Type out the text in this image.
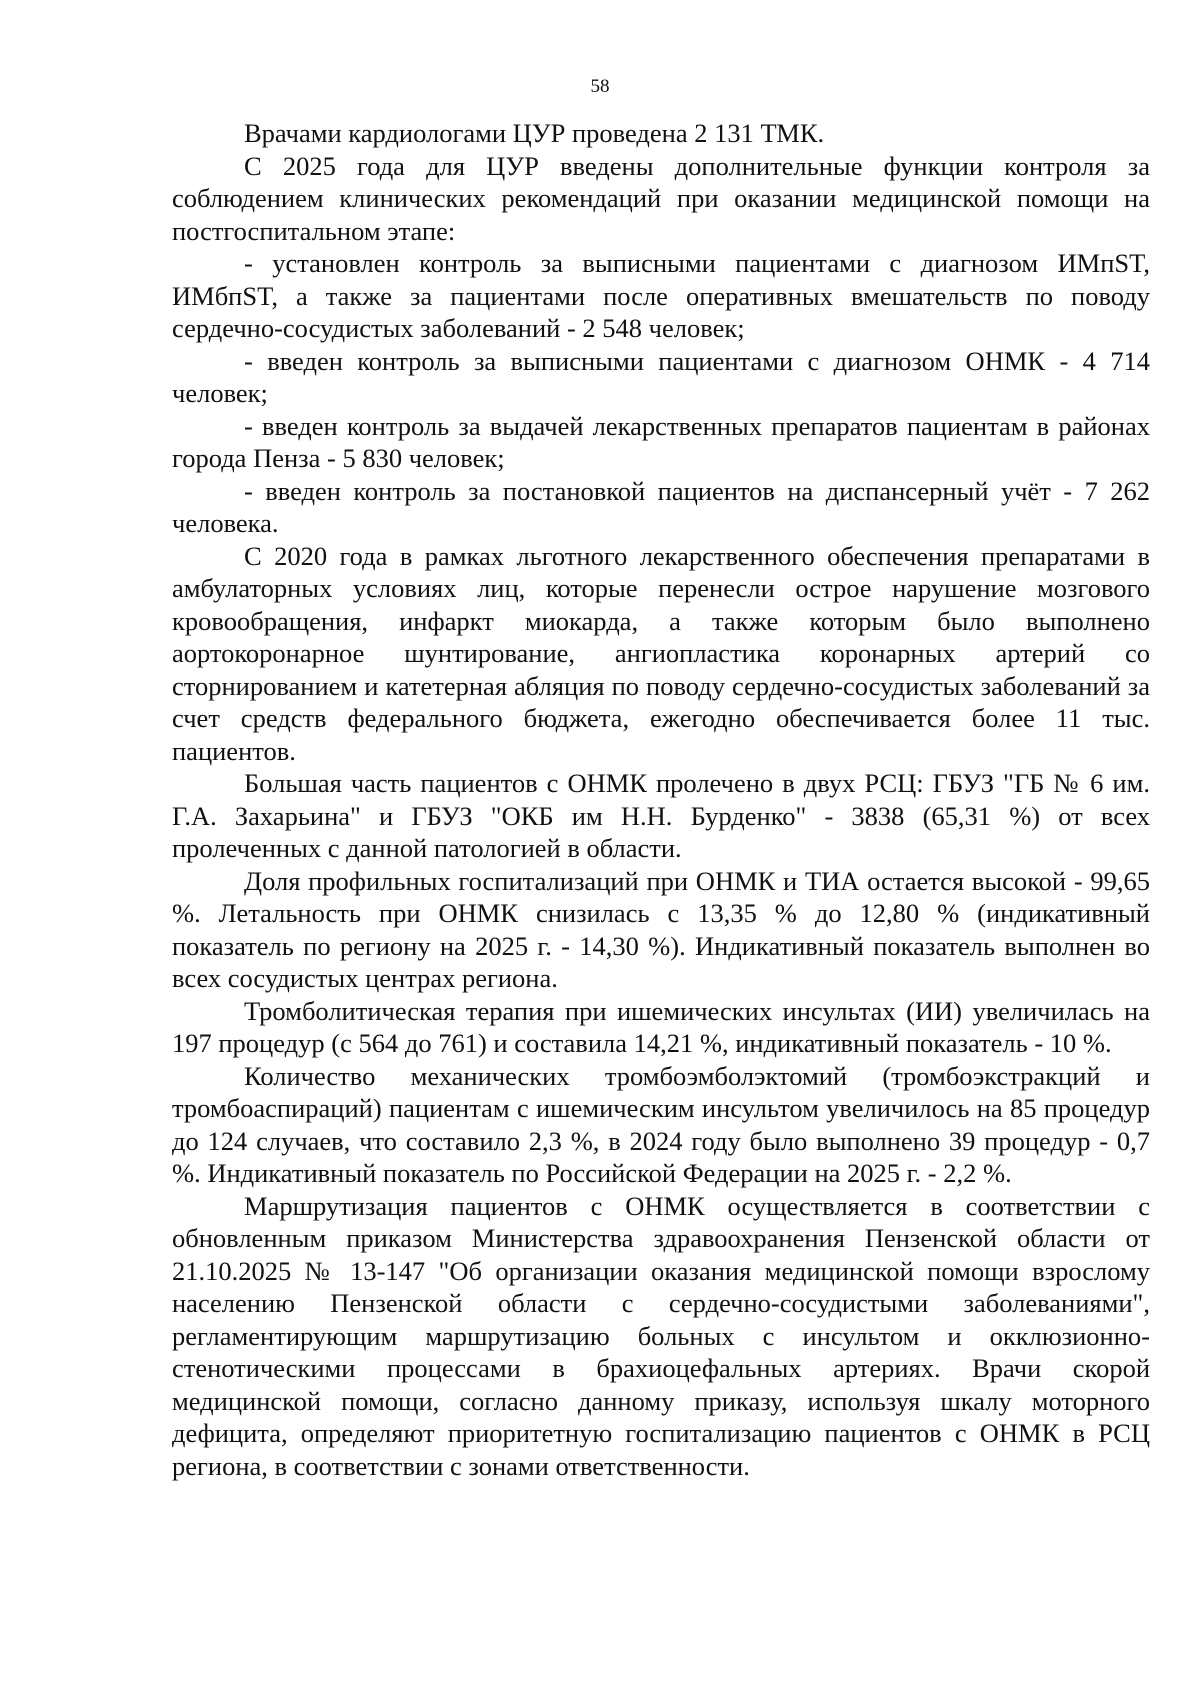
58

Врачами кардиологами ЦУР проведена 2 131 ТМК.

С 2025 года для ЦУР введены дополнительные функции контроля за соблюдением клинических рекомендаций при оказании медицинской помощи на постгоспитальном этапе:

- установлен контроль за выписными пациентами с диагнозом ИМпST, ИМбпST, а также за пациентами после оперативных вмешательств по поводу сердечно-сосудистых заболеваний - 2 548 человек;

- введен контроль за выписными пациентами с диагнозом ОНМК - 4 714 человек;

- введен контроль за выдачей лекарственных препаратов пациентам в районах города Пенза - 5 830 человек;

- введен контроль за постановкой пациентов на диспансерный учёт - 7 262 человека.

С 2020 года в рамках льготного лекарственного обеспечения препаратами в амбулаторных условиях лиц, которые перенесли острое нарушение мозгового кровообращения, инфаркт миокарда, а также которым было выполнено аортокоронарное шунтирование, ангиопластика коронарных артерий со сторнированием и катетерная абляция по поводу сердечно-сосудистых заболеваний за счет средств федерального бюджета, ежегодно обеспечивается более 11 тыс. пациентов.

Большая часть пациентов с ОНМК пролечено в двух РСЦ: ГБУЗ "ГБ № 6 им. Г.А. Захарьина" и ГБУЗ "ОКБ им Н.Н. Бурденко" - 3838 (65,31 %) от всех пролеченных с данной патологией в области.

Доля профильных госпитализаций при ОНМК и ТИА остается высокой - 99,65 %. Летальность при ОНМК снизилась с 13,35 % до 12,80 % (индикативный показатель по региону на 2025 г. - 14,30 %). Индикативный показатель выполнен во всех сосудистых центрах региона.

Тромболитическая терапия при ишемических инсультах (ИИ) увеличилась на 197 процедур (с 564 до 761) и составила 14,21 %, индикативный показатель - 10 %.

Количество механических тромбоэмболэктомий (тромбоэкстракций и тромбоаспираций) пациентам с ишемическим инсультом увеличилось на 85 процедур до 124 случаев, что составило 2,3 %, в 2024 году было выполнено 39 процедур - 0,7 %. Индикативный показатель по Российской Федерации на 2025 г. - 2,2 %.

Маршрутизация пациентов с ОНМК осуществляется в соответствии с обновленным приказом Министерства здравоохранения Пензенской области от 21.10.2025 № 13-147 "Об организации оказания медицинской помощи взрослому населению Пензенской области с сердечно-сосудистыми заболеваниями", регламентирующим маршрутизацию больных с инсультом и окклюзионно-стенотическими процессами в брахиоцефальных артериях. Врачи скорой медицинской помощи, согласно данному приказу, используя шкалу моторного дефицита, определяют приоритетную госпитализацию пациентов с ОНМК в РСЦ региона, в соответствии с зонами ответственности.
